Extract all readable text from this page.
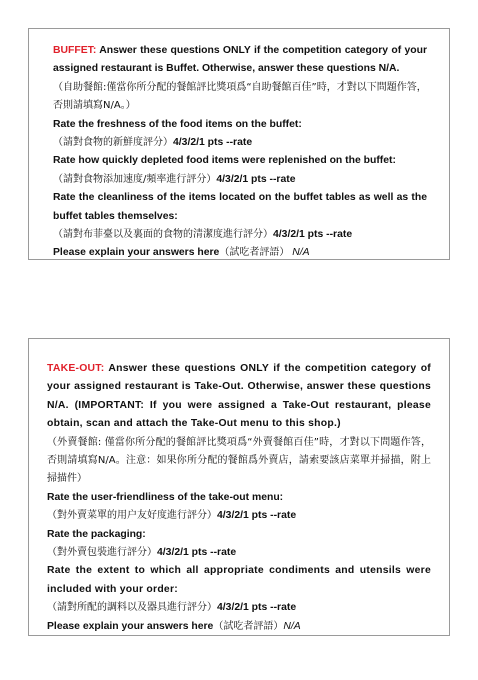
BUFFET: Answer these questions ONLY if the competition category of your assigned restaurant is Buffet. Otherwise, answer these questions N/A.

（自助餐館:僅當你所分配的餐館評比獎項爲“自助餐館百佳”時，才對以下問題作答，否則請填寫N/A。）

Rate the freshness of the food items on the buffet:

（請對食物的新鮮度評分）4/3/2/1 pts --rate

Rate how quickly depleted food items were replenished on the buffet:

（請對食物添加速度/頻率進行評分）4/3/2/1 pts --rate

Rate the cleanliness of the items located on the buffet tables as well as the buffet tables themselves:

（請對布菲臺以及裏面的食物的清潔度進行評分）4/3/2/1 pts --rate

Please explain your answers here（試吃者評語） N/A

TAKE-OUT: Answer these questions ONLY if the competition category of your assigned restaurant is Take-Out. Otherwise, answer these questions N/A. (IMPORTANT: If you were assigned a Take-Out restaurant, please obtain, scan and attach the Take-Out menu to this shop.)

（外賣餐館: 僅當你所分配的餐館評比獎項爲“外賣餐館百佳”時，才對以下問題作答，否則請填寫N/A。注意：如果你所分配的餐館爲外賣店，請索要該店菜單并掃描，附上掃描件）

Rate the user-friendliness of the take-out menu:

（對外賣菜單的用户友好度進行評分）4/3/2/1 pts --rate

Rate the packaging:

（對外賣包裝進行評分）4/3/2/1 pts --rate

Rate the extent to which all appropriate condiments and utensils were included with your order:

（請對所配的調料以及器具進行評分）4/3/2/1 pts --rate

Please explain your answers here（試吃者評語）N/A
